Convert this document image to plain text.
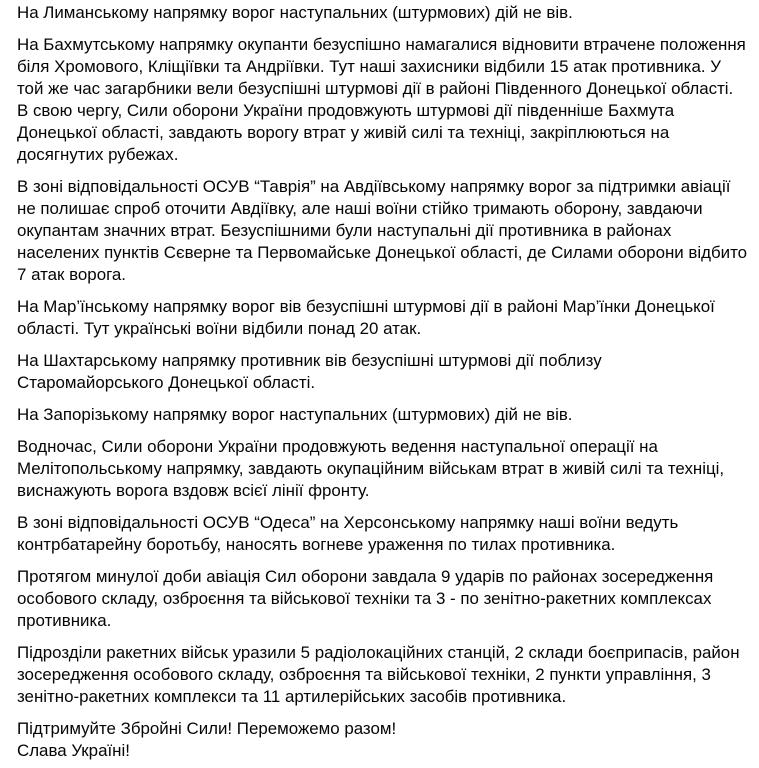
На Лиманському напрямку ворог наступальних (штурмових) дій не вів.

На Бахмутському напрямку окупанти безуспішно намагалися відновити втрачене положення біля Хромового, Кліщіївки та Андріївки. Тут наші захисники відбили 15 атак противника. У той же час загарбники вели безуспішні штурмові дії в районі Південного Донецької області. В свою чергу, Сили оборони України продовжують штурмові дії південніше Бахмута Донецької області, завдають ворогу втрат у живій силі та техніці, закріплюються на досягнутих рубежах.

В зоні відповідальності ОСУВ “Таврія” на Авдіївському напрямку ворог за підтримки авіації не полишає спроб оточити Авдіївку, але наші воїни стійко тримають оборону, завдаючи окупантам значних втрат. Безуспішними були наступальні дії противника в районах населених пунктів Сєверне та Первомайське Донецької області, де Силами оборони відбито 7 атак ворога.

На Мар’їнському напрямку ворог вів безуспішні штурмові дії в районі Мар’їнки Донецької області. Тут українські воїни відбили понад 20 атак.

На Шахтарському напрямку противник вів безуспішні штурмові дії поблизу Старомайорського Донецької області.

На Запорізькому напрямку ворог наступальних (штурмових) дій не вів.

Водночас, Сили оборони України продовжують ведення наступальної операції на Мелітопольському напрямку, завдають окупаційним військам втрат в живій силі та техніці, виснажують ворога вздовж всієї лінії фронту.

В зоні відповідальності ОСУВ “Одеса” на Херсонському напрямку наші воїни ведуть контрбатарейну боротьбу, наносять вогневе ураження по тилах противника.

Протягом минулої доби авіація Сил оборони завдала 9 ударів по районах зосередження особового складу, озброєння та військової техніки та 3 - по зенітно-ракетних комплексах противника.

Підрозділи ракетних військ уразили 5 радіолокаційних станцій, 2 склади боєприпасів, район зосередження особового складу, озброєння та військової техніки, 2 пункти управління, 3 зенітно-ракетних комплекси та 11 артилерійських засобів противника.

Підтримуйте Збройні Сили! Переможемо разом!
Слава Україні!
